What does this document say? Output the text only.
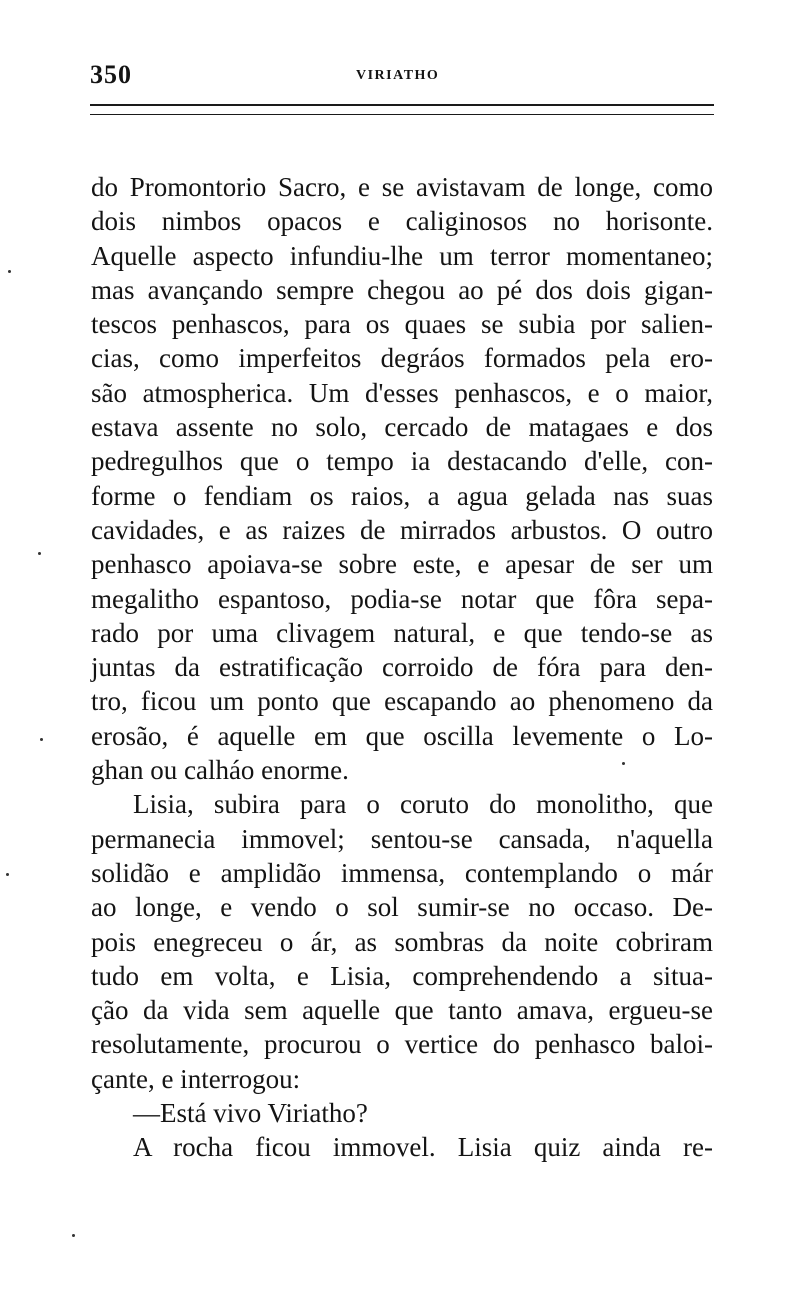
350	VIRIATHO
do Promontorio Sacro, e se avistavam de longe, como
dois nimbos opacos e caliginosos no horisonte.
Aquelle aspecto infundiu-lhe um terror momentaneo;
mas avançando sempre chegou ao pé dos dois gigan-
tescos penhascos, para os quaes se subia por salien-
cias, como imperfeitos degráos formados pela ero-
são atmospherica. Um d'esses penhascos, e o maior,
estava assente no solo, cercado de matagaes e dos
pedregulhos que o tempo ia destacando d'elle, con-
forme o fendiam os raios, a agua gelada nas suas
cavidades, e as raizes de mirrados arbustos. O outro
penhasco apoiava-se sobre este, e apesar de ser um
megalitho espantoso, podia-se notar que fôra sepa-
rado por uma clivagem natural, e que tendo-se as
juntas da estratificação corroido de fóra para den-
tro, ficou um ponto que escapando ao phenomeno da
erosão, é aquelle em que oscilla levemente o Lo-
ghan ou calháo enorme.
Lisia, subira para o coruto do monolitho, que
permanecia immovel; sentou-se cansada, n'aquella
solidão e amplidão immensa, contemplando o már
ao longe, e vendo o sol sumir-se no occaso. De-
pois enegreceu o ár, as sombras da noite cobriram
tudo em volta, e Lisia, comprehendendo a situa-
ção da vida sem aquelle que tanto amava, ergueu-se
resolutamente, procurou o vertice do penhasco baloi-
çante, e interrogou:
—Está vivo Viriatho?
A rocha ficou immovel. Lisia quiz ainda re-
